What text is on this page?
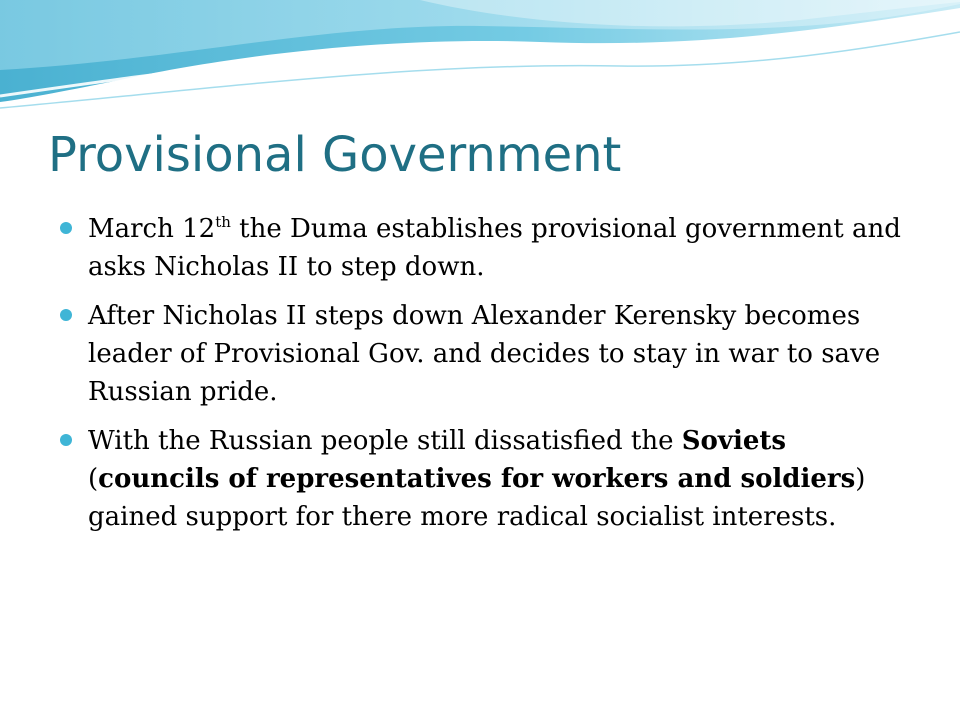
Provisional Government
March 12th the Duma establishes provisional government and asks Nicholas II to step down.
After Nicholas II steps down Alexander Kerensky becomes leader of Provisional Gov. and decides to stay in war to save Russian pride.
With the Russian people still dissatisfied the Soviets (councils of representatives for workers and soldiers) gained support for there more radical socialist interests.
